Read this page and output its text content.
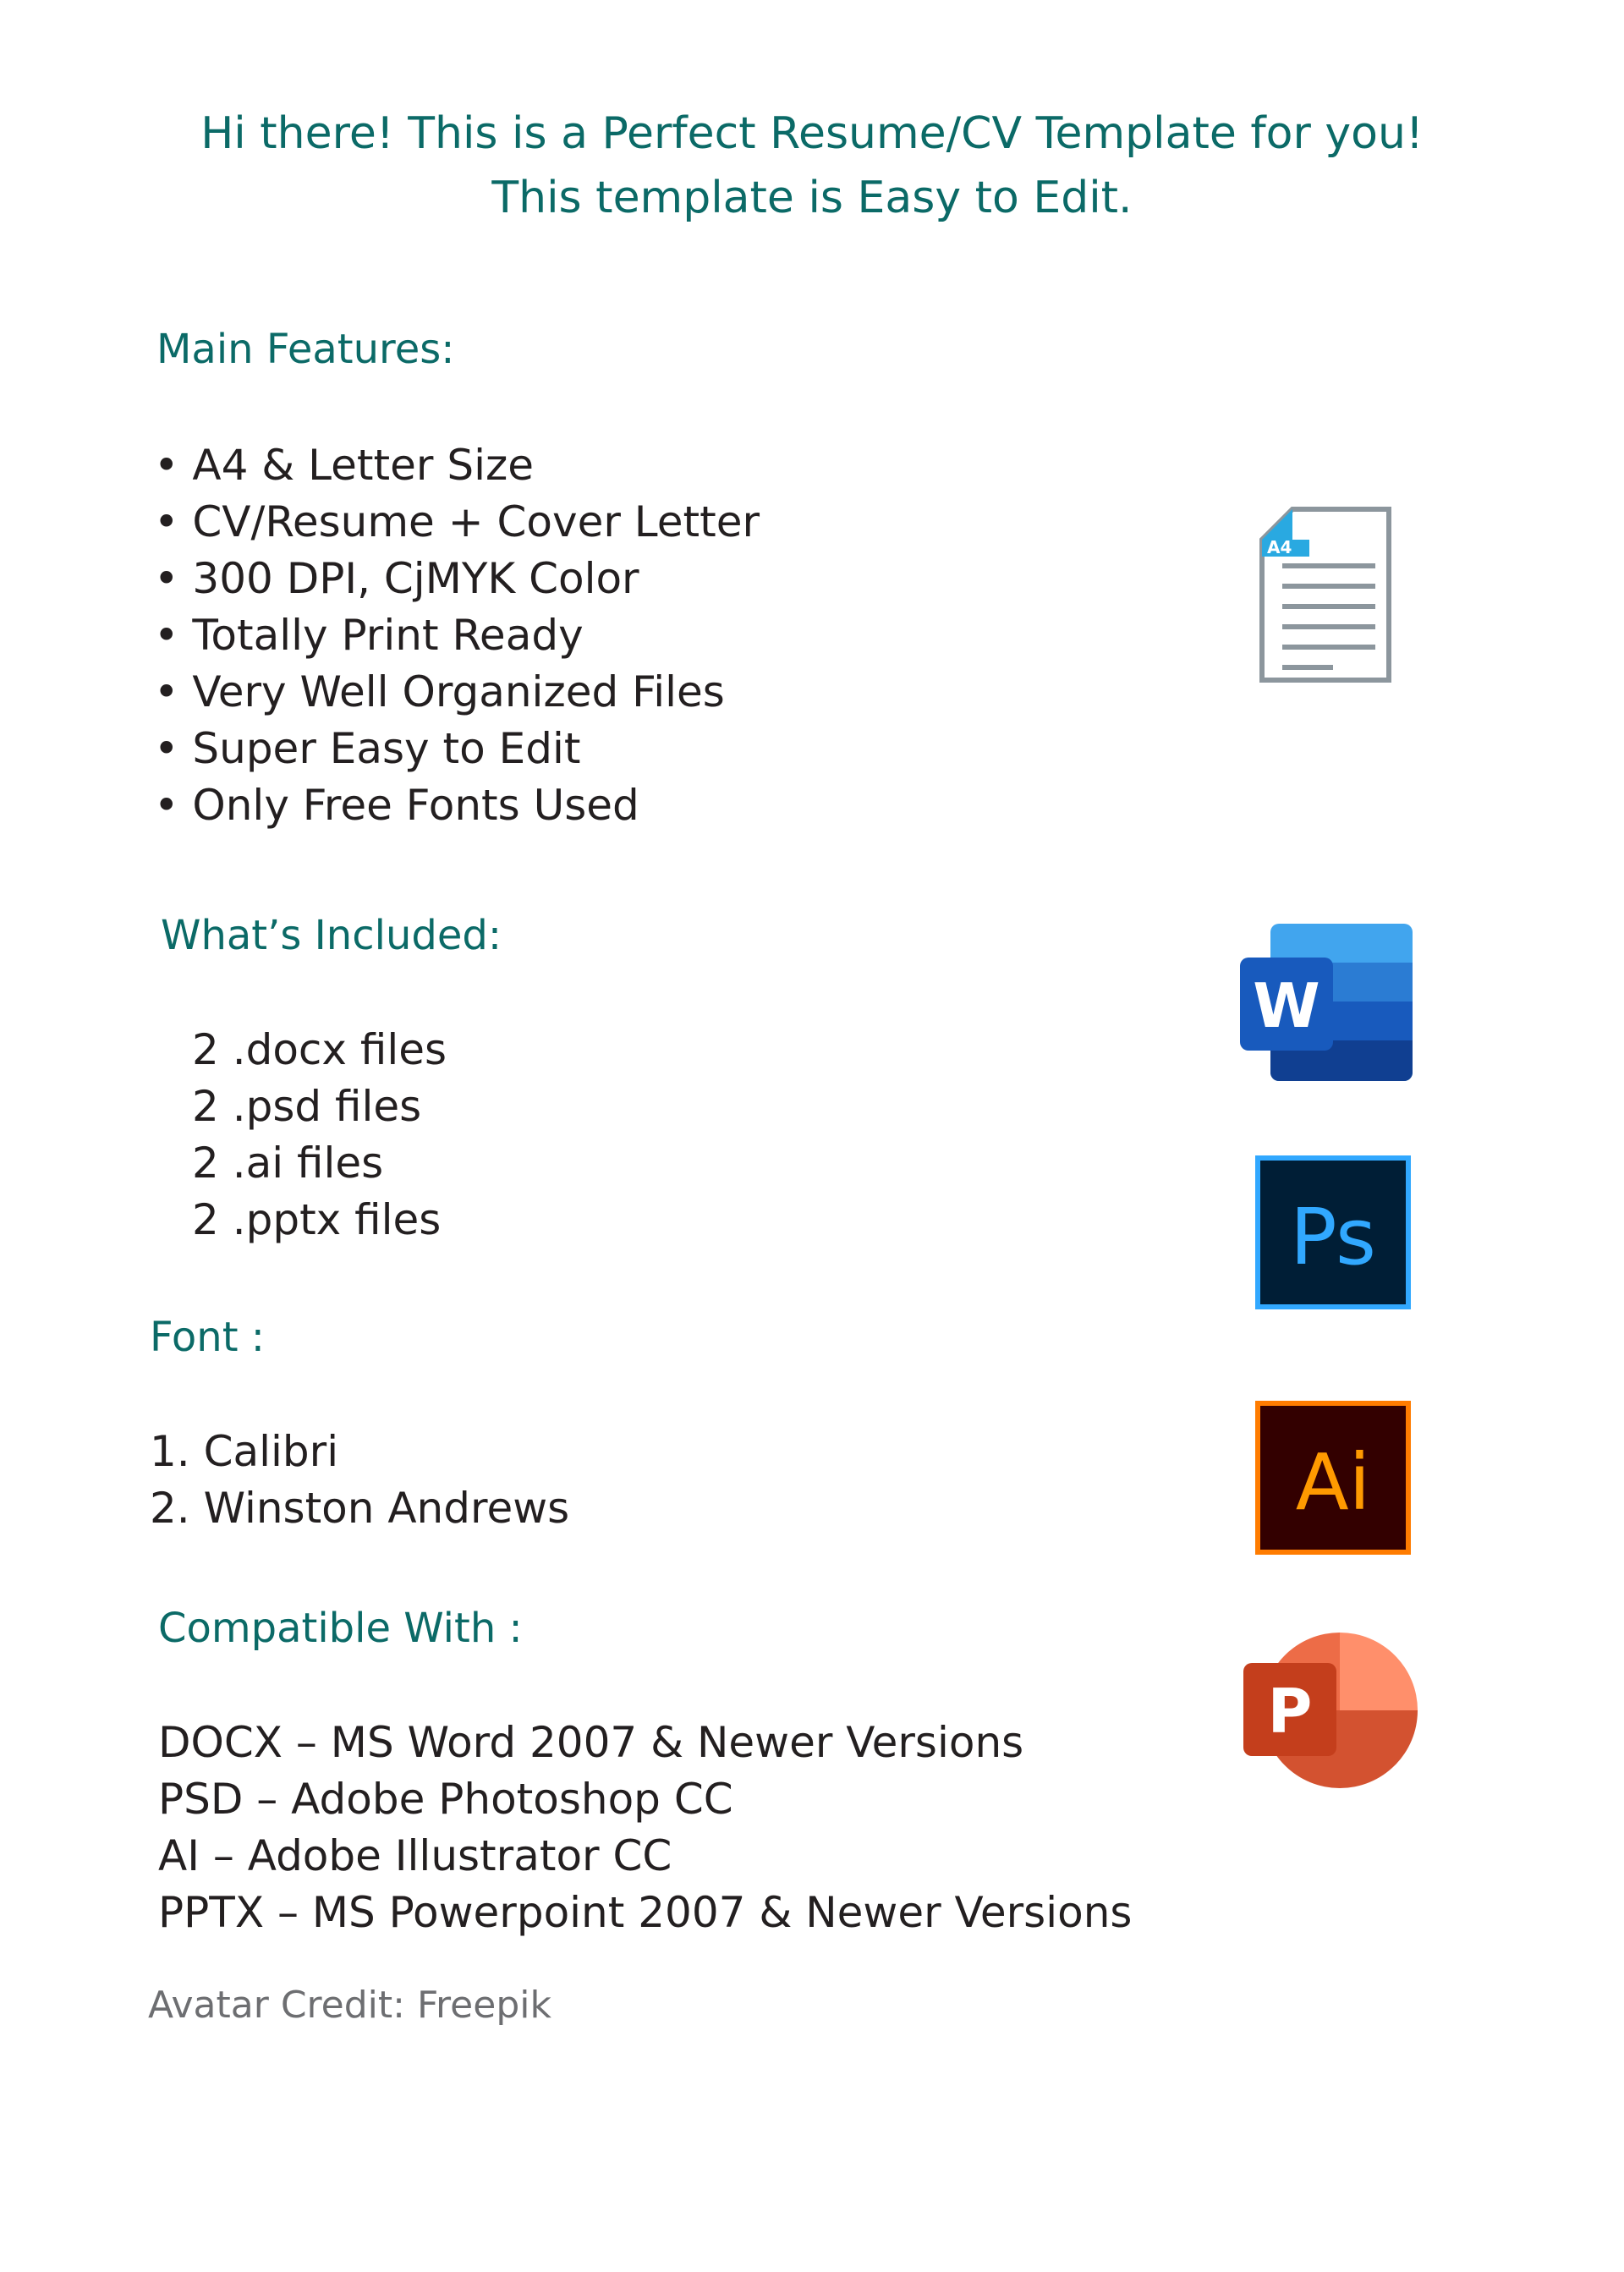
Hi there! This is a Perfect Resume/CV Template for you!
This template is Easy to Edit.
Main Features:
• A4 & Letter Size
• CV/Resume + Cover Letter
• 300 DPI, CjMYK Color
• Totally Print Ready
• Very Well Organized Files
• Super Easy to Edit
• Only Free Fonts Used
What’s Included:
2 .docx files
2 .psd files
2 .ai files
2 .pptx files
Font :
1. Calibri
2. Winston Andrews
Compatible With :
DOCX – MS Word 2007 & Newer Versions
PSD – Adobe Photoshop CC
AI – Adobe Illustrator CC
PPTX – MS Powerpoint 2007 & Newer Versions
Avatar Credit: Freepik
A4
W
Ps
Ai
P
